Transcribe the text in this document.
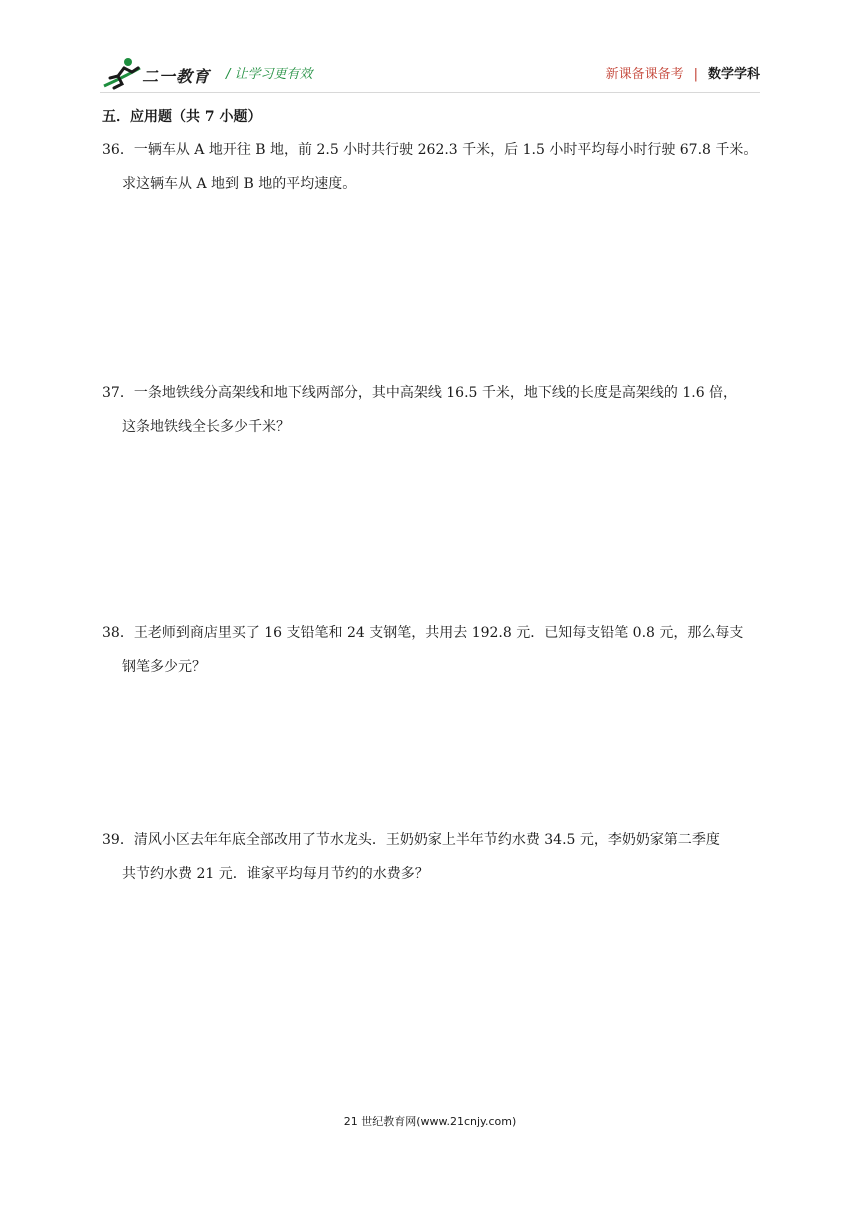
二一教育 / 让学习更有效	新课备课备考 | 数学学科
五．应用题（共 7 小题）
36．一辆车从 A 地开往 B 地，前 2.5 小时共行驶 262.3 千米，后 1.5 小时平均每小时行驶 67.8 千米。
求这辆车从 A 地到 B 地的平均速度。
37．一条地铁线分高架线和地下线两部分，其中高架线 16.5 千米，地下线的长度是高架线的 1.6 倍，
这条地铁线全长多少千米？
38．王老师到商店里买了 16 支铅笔和 24 支钢笔，共用去 192.8 元．已知每支铅笔 0.8 元，那么每支
钢笔多少元？
39．清风小区去年年底全部改用了节水龙头．王奶奶家上半年节约水费 34.5 元，李奶奶家第二季度
共节约水费 21 元．谁家平均每月节约的水费多？
21 世纪教育网(www.21cnjy.com)
